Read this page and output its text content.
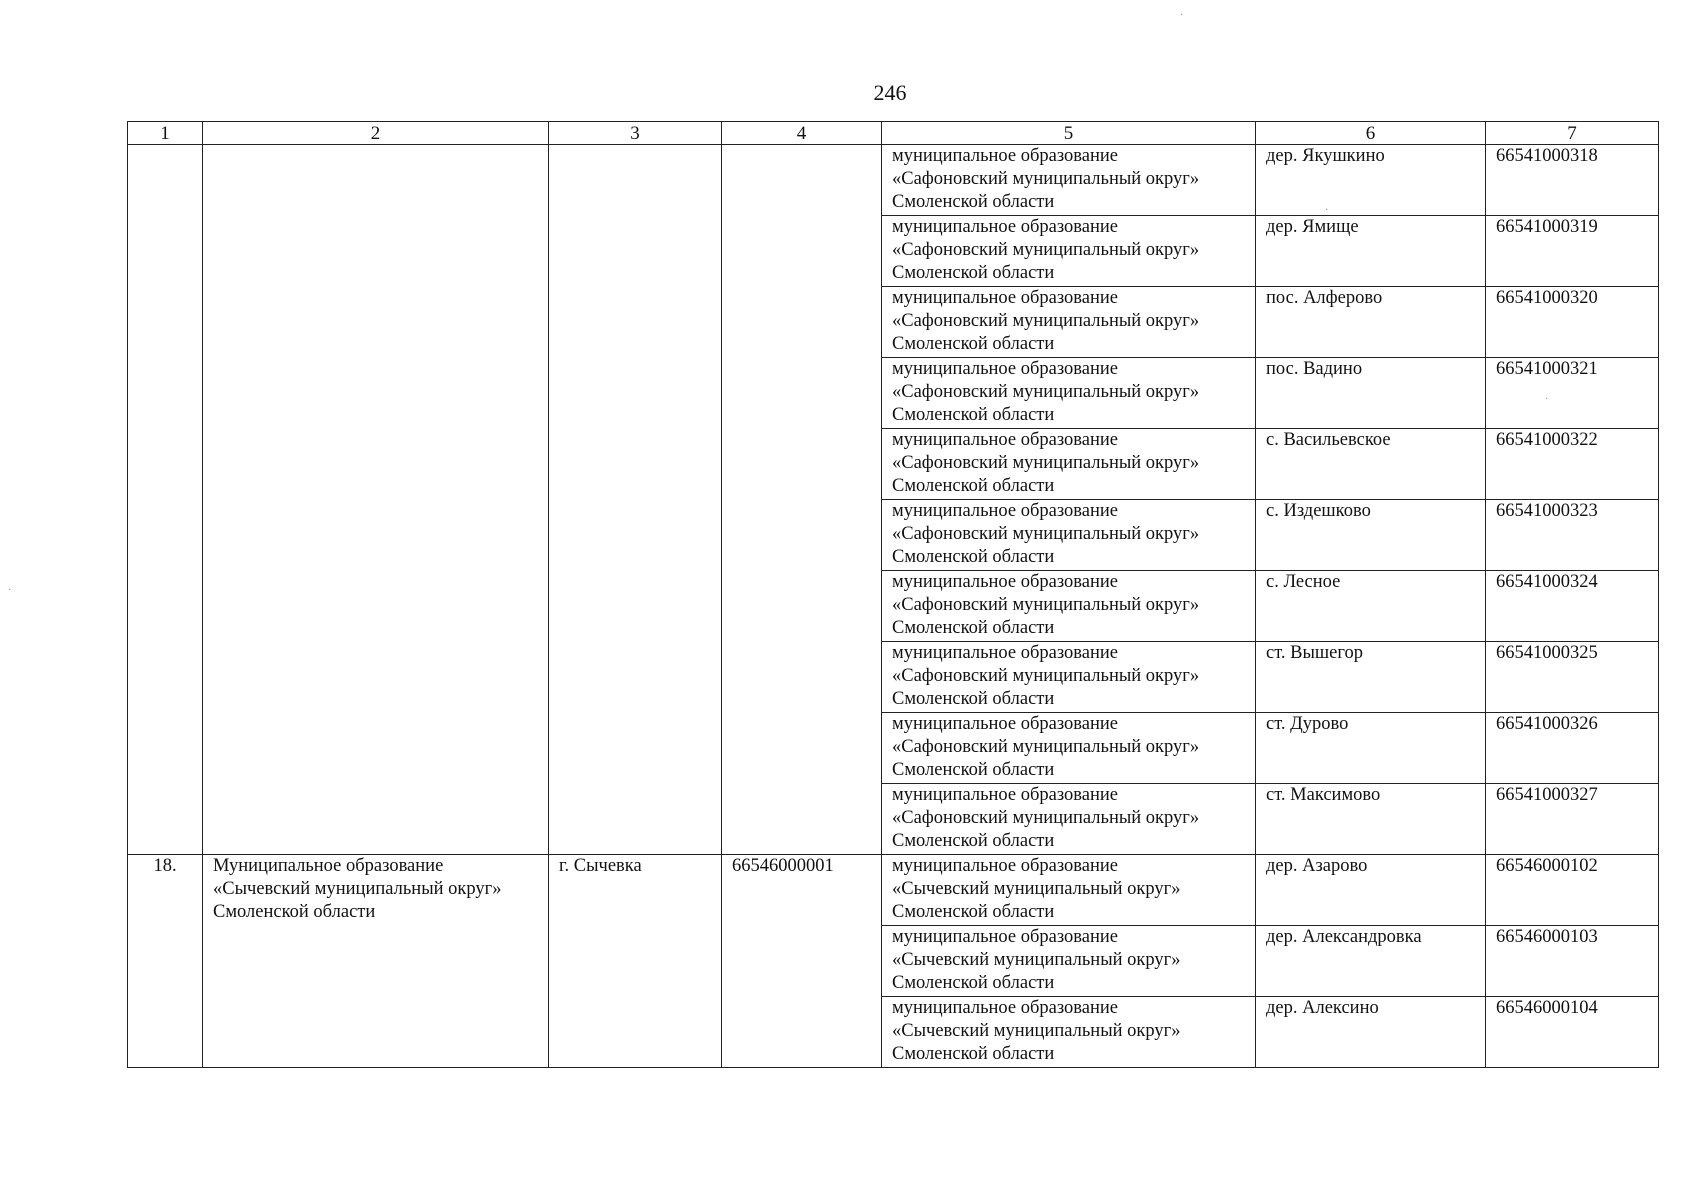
246
1	2	3	4	5	6	7

				муниципальное образование
«Сафоновский муниципальный округ»
Смоленской области	дер. Якушкино	66541000318

				муниципальное образование
«Сафоновский муниципальный округ»
Смоленской области	дер. Ямище	66541000319

				муниципальное образование
«Сафоновский муниципальный округ»
Смоленской области	пос. Алферово	66541000320

				муниципальное образование
«Сафоновский муниципальный округ»
Смоленской области	пос. Вадино	66541000321

				муниципальное образование
«Сафоновский муниципальный округ»
Смоленской области	с. Васильевское	66541000322

				муниципальное образование
«Сафоновский муниципальный округ»
Смоленской области	с. Издешково	66541000323

				муниципальное образование
«Сафоновский муниципальный округ»
Смоленской области	с. Лесное	66541000324

				муниципальное образование
«Сафоновский муниципальный округ»
Смоленской области	ст. Вышегор	66541000325

				муниципальное образование
«Сафоновский муниципальный округ»
Смоленской области	ст. Дурово	66541000326

				муниципальное образование
«Сафоновский муниципальный округ»
Смоленской области	ст. Максимово	66541000327
18.	Муниципальное образование
«Сычевский муниципальный округ»
Смоленской области	г. Сычевка	66546000001	муниципальное образование
«Сычевский муниципальный округ»
Смоленской области	дер. Азарово	66546000102

				муниципальное образование
«Сычевский муниципальный округ»
Смоленской области	дер. Александровка	66546000103

				муниципальное образование
«Сычевский муниципальный округ»
Смоленской области	дер. Алексино	66546000104
·
·
·
·
